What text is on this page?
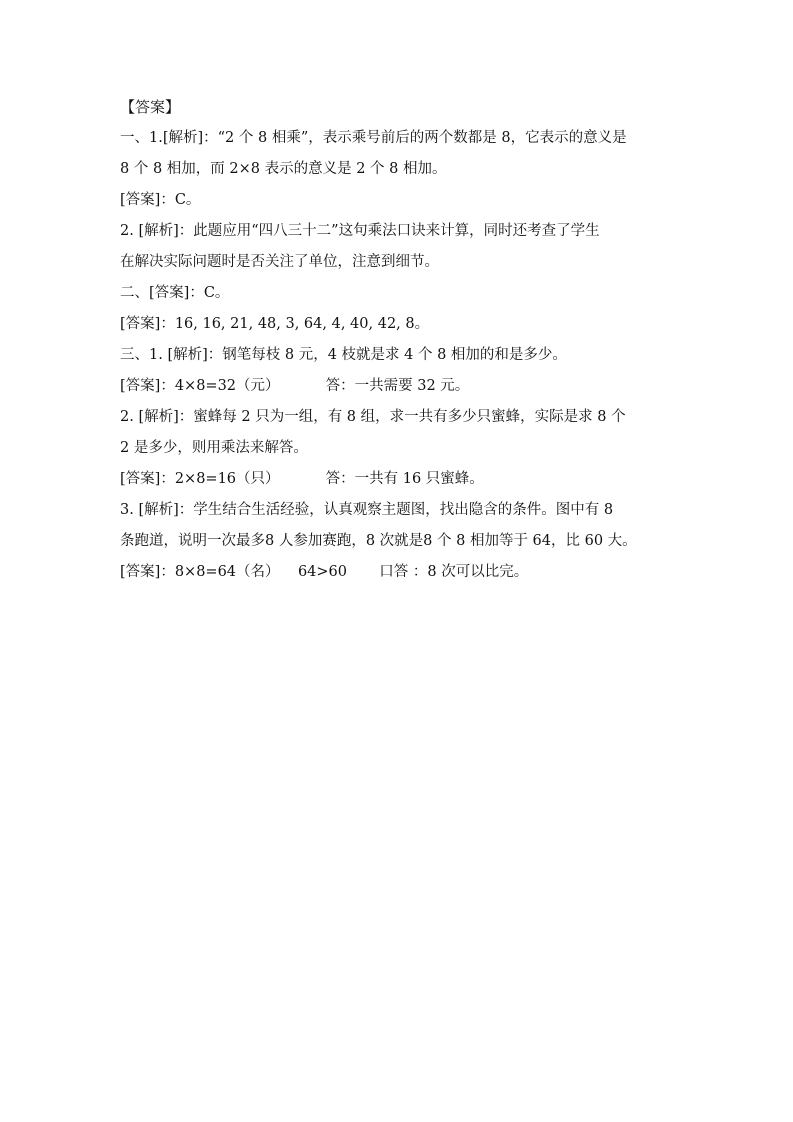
【答案】
一、1.[解析]：“2 个 8 相乘”，表示乘号前后的两个数都是 8，它表示的意义是
8 个 8 相加，而 2×8 表示的意义是 2 个 8 相加。
[答案]：C。
2. [解析]：此题应用“四八三十二”这句乘法口诀来计算，同时还考查了学生
在解决实际问题时是否关注了单位，注意到细节。
二、[答案]：C。
[答案]：16, 16, 21, 48, 3, 64, 4, 40, 42, 8。
三、1. [解析]：钢笔每枝 8 元，4 枝就是求 4 个 8 相加的和是多少。
[答案]：4×8=32（元）          答：一共需要 32 元。
2. [解析]：蜜蜂每 2 只为一组，有 8 组，求一共有多少只蜜蜂，实际是求 8 个
2 是多少，则用乘法来解答。
[答案]：2×8=16（只）          答：一共有 16 只蜜蜂。
3. [解析]：学生结合生活经验，认真观察主题图，找出隐含的条件。图中有 8
条跑道，说明一次最多8 人参加赛跑，8 次就是8 个 8 相加等于 64，比 60 大。
[答案]：8×8=64（名）    64>60       口答 ：8 次可以比完。
